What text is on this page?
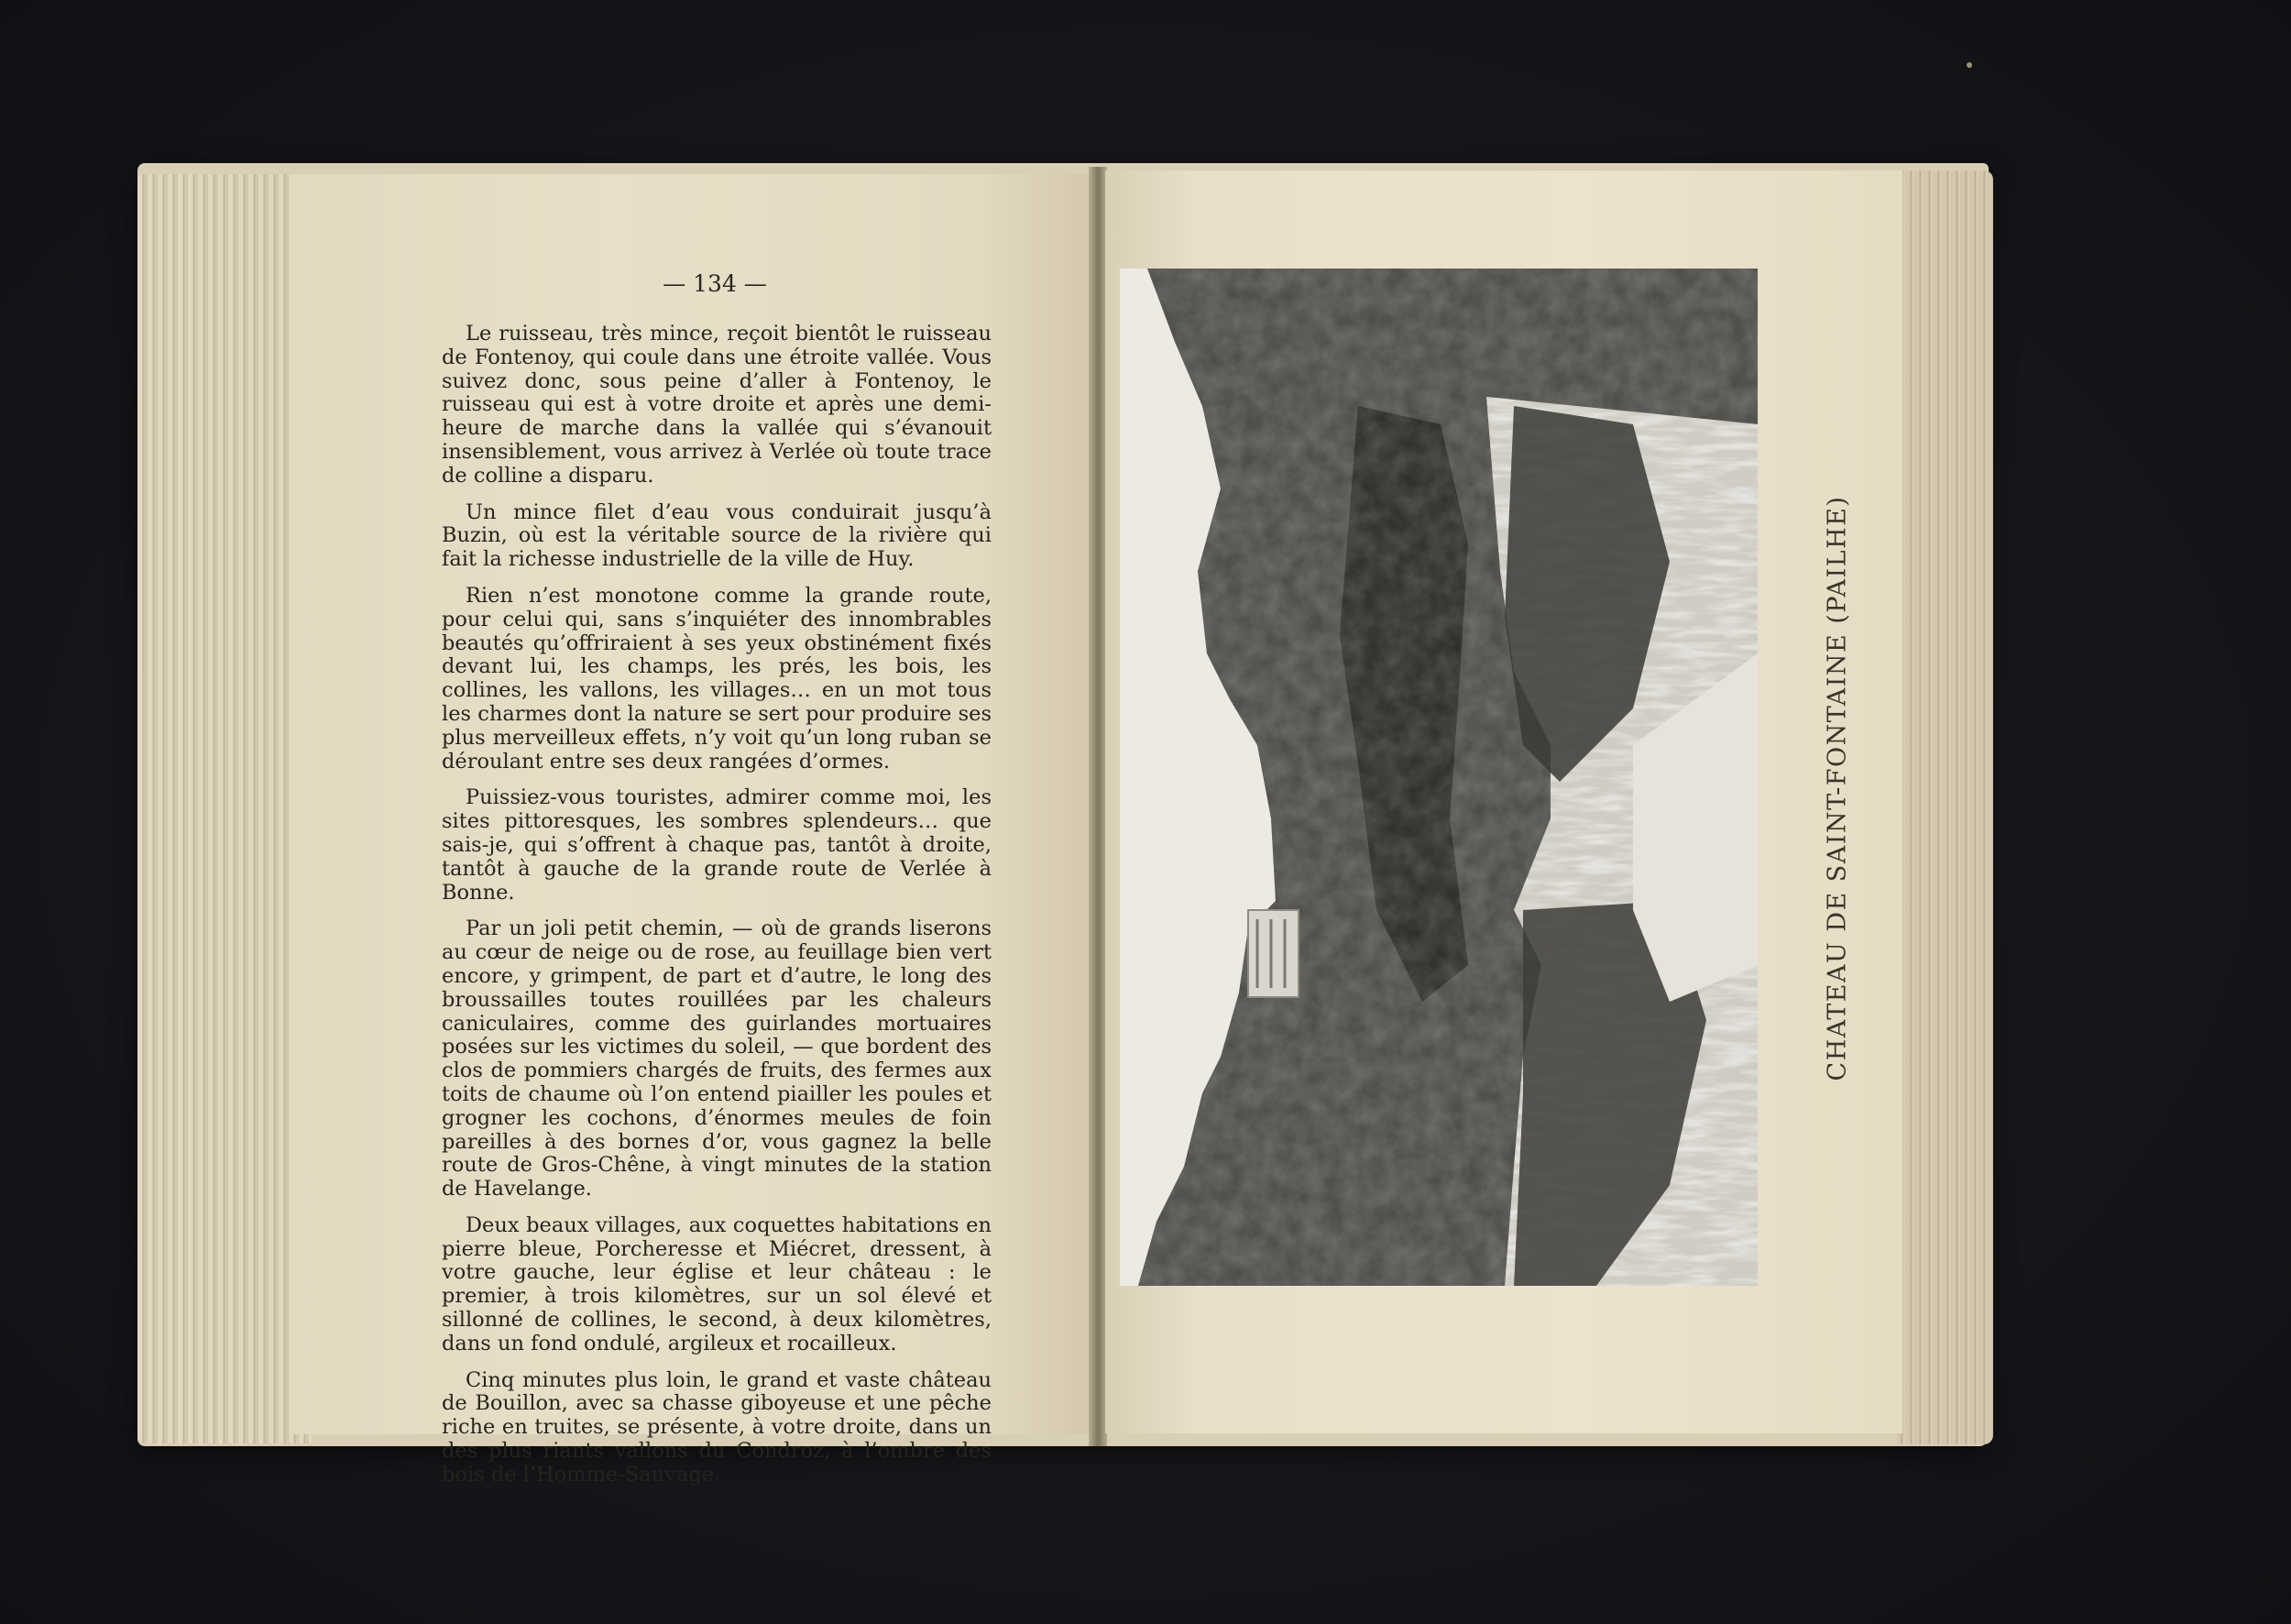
— 134 —

Le ruisseau, très mince, reçoit bientôt le ruisseau de Fontenoy, qui coule dans une étroite vallée. Vous suivez donc, sous peine d’aller à Fontenoy, le ruisseau qui est à votre droite et après une demi-heure de marche dans la vallée qui s’évanouit insensiblement, vous arrivez à Verlée où toute trace de colline a disparu.

Un mince filet d’eau vous conduirait jusqu’à Buzin, où est la véritable source de la rivière qui fait la richesse industrielle de la ville de Huy.

Rien n’est monotone comme la grande route, pour celui qui, sans s’inquiéter des innombrables beautés qu’offriraient à ses yeux obstinément fixés devant lui, les champs, les prés, les bois, les collines, les vallons, les villages… en un mot tous les charmes dont la nature se sert pour produire ses plus merveilleux effets, n’y voit qu’un long ruban se déroulant entre ses deux rangées d’ormes.

Puissiez-vous touristes, admirer comme moi, les sites pittoresques, les sombres splendeurs… que sais-je, qui s’offrent à chaque pas, tantôt à droite, tantôt à gauche de la grande route de Verlée à Bonne.

Par un joli petit chemin, — où de grands liserons au cœur de neige ou de rose, au feuillage bien vert encore, y grimpent, de part et d’autre, le long des broussailles toutes rouillées par les chaleurs caniculaires, comme des guirlandes mortuaires posées sur les victimes du soleil, — que bordent des clos de pommiers chargés de fruits, des fermes aux toits de chaume où l’on entend piailler les poules et grogner les cochons, d’énormes meules de foin pareilles à des bornes d’or, vous gagnez la belle route de Gros-Chêne, à vingt minutes de la station de Havelange.

Deux beaux villages, aux coquettes habitations en pierre bleue, Porcheresse et Miécret, dressent, à votre gauche, leur église et leur château : le premier, à trois kilomètres, sur un sol élevé et sillonné de collines, le second, à deux kilomètres, dans un fond ondulé, argileux et rocailleux.

Cinq minutes plus loin, le grand et vaste château de Bouillon, avec sa chasse giboyeuse et une pêche riche en truites, se présente, à votre droite, dans un des plus riants vallons du Condroz, à l’ombre des bois de l’Homme-Sauvage.

CHATEAU DE SAINT-FONTAINE (PAILHE)
